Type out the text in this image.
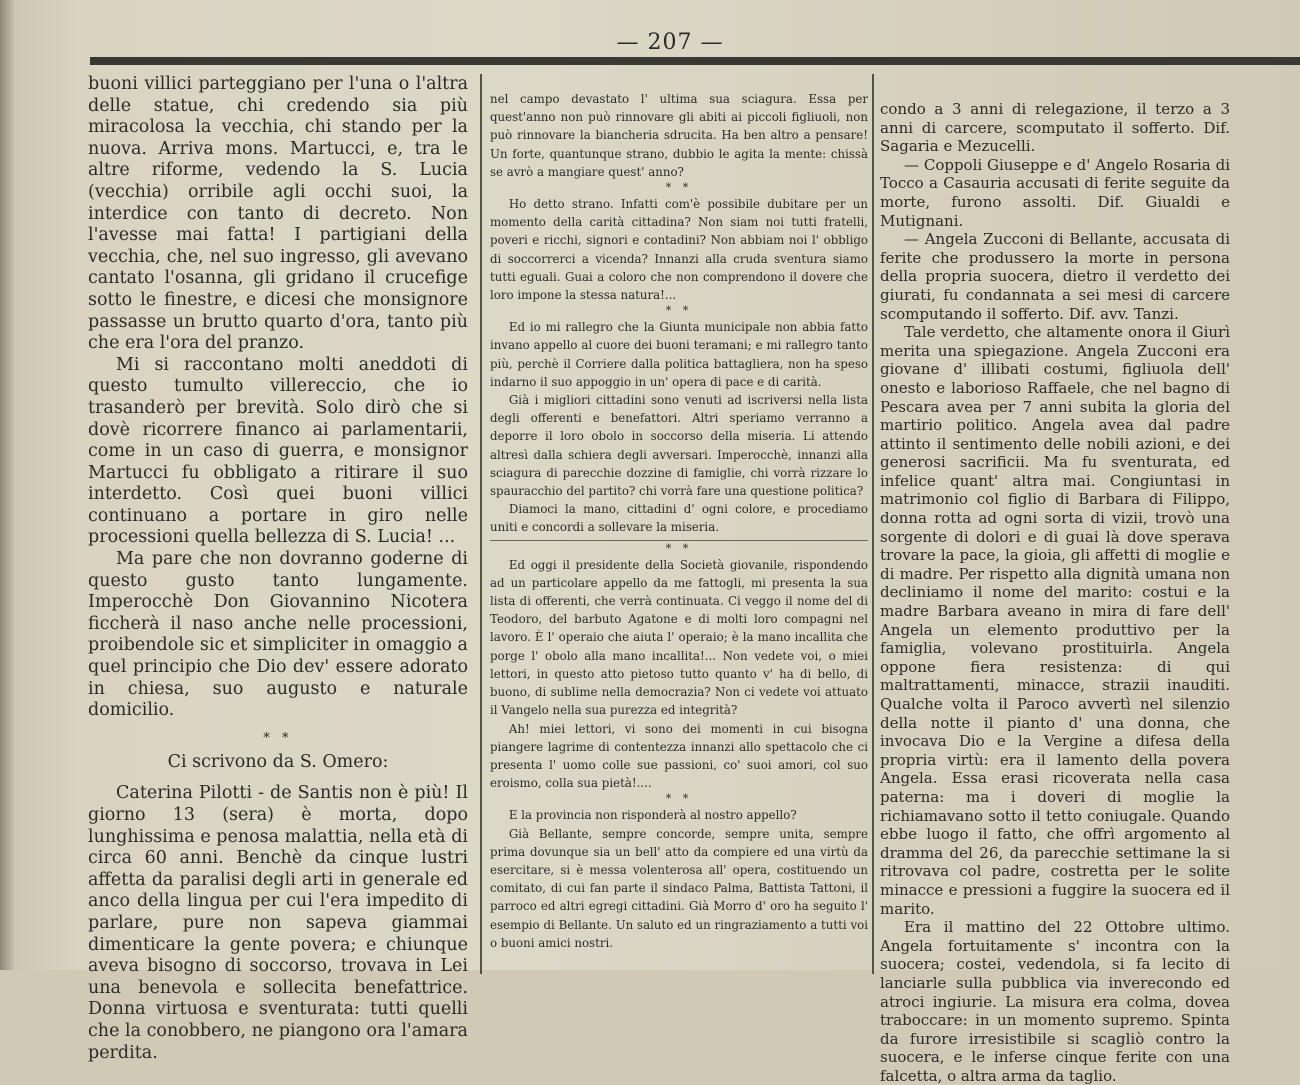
— 207 —

buoni villici parteggiano per l'una o l'altra delle statue, chi credendo sia più miracolosa la vecchia, chi stando per la nuova. Arriva mons. Martucci, e, tra le altre riforme, vedendo la S. Lucia (vecchia) orribile agli occhi suoi, la interdice con tanto di decreto. Non l'avesse mai fatta! I partigiani della vecchia, che, nel suo ingresso, gli avevano cantato l'osanna, gli gridano il crucefige sotto le finestre, e dicesi che monsignore passasse un brutto quarto d'ora, tanto più che era l'ora del pranzo.

Mi si raccontano molti aneddoti di questo tumulto villereccio, che io trasanderò per brevità. Solo dirò che si dovè ricorrere financo ai parlamentarii, come in un caso di guerra, e monsignor Martucci fu obbligato a ritirare il suo interdetto. Così quei buoni villici continuano a portare in giro nelle processioni quella bellezza di S. Lucia! ...

Ma pare che non dovranno goderne di questo gusto tanto lungamente. Imperocchè Don Giovannino Nicotera ficcherà il naso anche nelle processioni, proibendole sic et simpliciter in omaggio a quel principio che Dio dev' essere adorato in chiesa, suo augusto e naturale domicilio.

* *
Ci scrivono da S. Omero:

Caterina Pilotti - de Santis non è più! Il giorno 13 (sera) è morta, dopo lunghissima e penosa malattia, nella età di circa 60 anni. Benchè da cinque lustri affetta da paralisi degli arti in generale ed anco della lingua per cui l'era impedito di parlare, pure non sapeva giammai dimenticare la gente povera; e chiunque aveva bisogno di soccorso, trovava in Lei una benevola e sollecita benefattrice. Donna virtuosa e sventurata: tutti quelli che la conobbero, ne piangono ora l'amara perdita.

nel campo devastato l' ultima sua sciagura. Essa per quest'anno non può rinnovare gli abiti ai piccoli figliuoli, non può rinnovare la biancheria sdrucita. Ha ben altro a pensare! Un forte, quantunque strano, dubbio le agita la mente: chissà se avrò a mangiare quest' anno?

* *

Ho detto strano. Infatti com'è possibile dubitare per un momento della carità cittadina? Non siam noi tutti fratelli, poveri e ricchi, signori e contadini? Non abbiam noi l' obbligo di soccorrerci a vicenda? Innanzi alla cruda sventura siamo tutti eguali. Guai a coloro che non comprendono il dovere che loro impone la stessa natura!...

* *

Ed io mi rallegro che la Giunta municipale non abbia fatto invano appello al cuore dei buoni teramani; e mi rallegro tanto più, perchè il Corriere dalla politica battagliera, non ha speso indarno il suo appoggio in un' opera di pace e di carità.

Già i migliori cittadini sono venuti ad iscriversi nella lista degli offerenti e benefattori. Altri speriamo verranno a deporre il loro obolo in soccorso della miseria. Li attendo altresì dalla schiera degli avversari. Imperocchè, innanzi alla sciagura di parecchie dozzine di famiglie, chi vorrà rizzare lo spauracchio del partito? chi vorrà fare una questione politica?

Diamoci la mano, cittadini d' ogni colore, e procediamo uniti e concordi a sollevare la miseria.

* *

Ed oggi il presidente della Società giovanile, rispondendo ad un particolare appello da me fattogli, mi presenta la sua lista di offerenti, che verrà continuata. Ci veggo il nome del di Teodoro, del barbuto Agatone e di molti loro compagni nel lavoro. È l' operaio che aiuta l' operaio; è la mano incallita che porge l' obolo alla mano incallita!... Non vedete voi, o miei lettori, in questo atto pietoso tutto quanto v' ha di bello, di buono, di sublime nella democrazia? Non ci vedete voi attuato il Vangelo nella sua purezza ed integrità?

Ah! miei lettori, vi sono dei momenti in cui bisogna piangere lagrime di contentezza innanzi allo spettacolo che ci presenta l' uomo colle sue passioni, co' suoi amori, col suo eroismo, colla sua pietà!....

* *

E la provincia non risponderà al nostro appello?

Già Bellante, sempre concorde, sempre unita, sempre prima dovunque sia un bell' atto da compiere ed una virtù da esercitare, si è messa volenterosa all' opera, costituendo un comitato, di cui fan parte il sindaco Palma, Battista Tattoni, il parroco ed altri egregi cittadini. Già Morro d' oro ha seguito l' esempio di Bellante. Un saluto ed un ringraziamento a tutti voi o buoni amici nostri.

condo a 3 anni di relegazione, il terzo a 3 anni di carcere, scomputato il sofferto. Dif. Sagaria e Mezucelli.

— Coppoli Giuseppe e d' Angelo Rosaria di Tocco a Casauria accusati di ferite seguite da morte, furono assolti. Dif. Giualdi e Mutignani.

— Angela Zucconi di Bellante, accusata di ferite che produssero la morte in persona della propria suocera, dietro il verdetto dei giurati, fu condannata a sei mesi di carcere scomputando il sofferto. Dif. avv. Tanzi.

Tale verdetto, che altamente onora il Giurì merita una spiegazione. Angela Zucconi era giovane d' illibati costumi, figliuola dell' onesto e laborioso Raffaele, che nel bagno di Pescara avea per 7 anni subita la gloria del martirio politico. Angela avea dal padre attinto il sentimento delle nobili azioni, e dei generosi sacrificii. Ma fu sventurata, ed infelice quant' altra mai. Congiuntasi in matrimonio col figlio di Barbara di Filippo, donna rotta ad ogni sorta di vizii, trovò una sorgente di dolori e di guai là dove sperava trovare la pace, la gioia, gli affetti di moglie e di madre. Per rispetto alla dignità umana non decliniamo il nome del marito: costui e la madre Barbara aveano in mira di fare dell' Angela un elemento produttivo per la famiglia, volevano prostituirla. Angela oppone fiera resistenza: di qui maltrattamenti, minacce, strazii inauditi. Qualche volta il Paroco avvertì nel silenzio della notte il pianto d' una donna, che invocava Dio e la Vergine a difesa della propria virtù: era il lamento della povera Angela. Essa erasi ricoverata nella casa paterna: ma i doveri di moglie la richiamavano sotto il tetto coniugale. Quando ebbe luogo il fatto, che offrì argomento al dramma del 26, da parecchie settimane la si ritrovava col padre, costretta per le solite minacce e pressioni a fuggire la suocera ed il marito.

Era il mattino del 22 Ottobre ultimo. Angela fortuitamente s' incontra con la suocera; costei, vedendola, si fa lecito di lanciarle sulla pubblica via inverecondo ed atroci ingiurie. La misura era colma, dovea traboccare: in un momento supremo. Spinta da furore irresistibile si scagliò contro la suocera, e le inferse cinque ferite con una falcetta, o altra arma da taglio.
